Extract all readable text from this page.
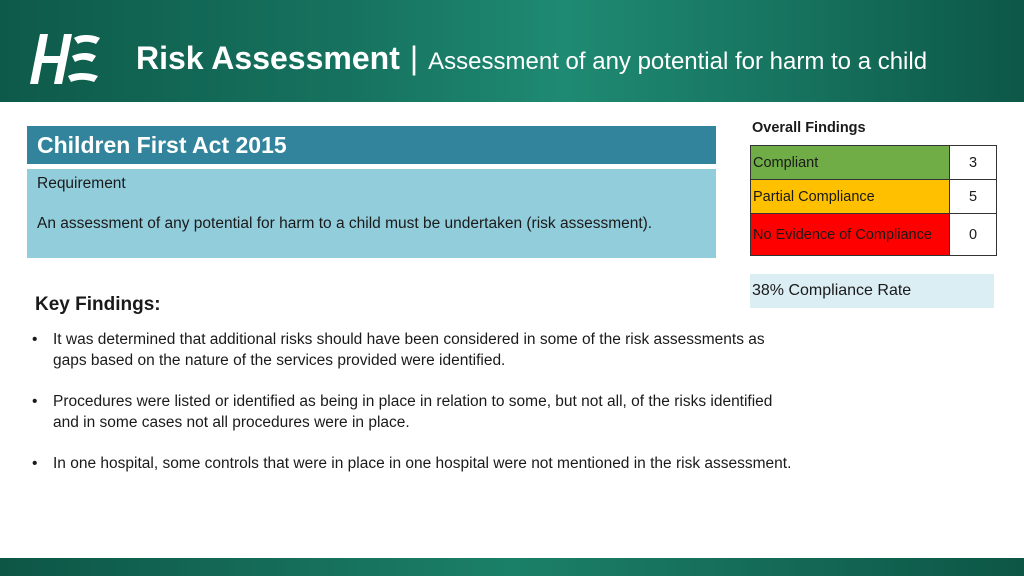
Risk Assessment | Assessment of any potential for harm to a child
Children First Act 2015
Requirement
An assessment of any potential for harm to a child must be undertaken (risk assessment).
Key Findings:
• It was determined that additional risks should have been considered in some of the risk assessments as gaps based on the nature of the services provided were identified.
• Procedures were listed or identified as being in place in relation to some, but not all, of the risks identified and in some cases not all procedures were in place.
• In one hospital, some controls that were in place in one hospital were not mentioned in the risk assessment.
Overall Findings
Compliant	3
Partial Compliance	5
No Evidence of Compliance	0
38% Compliance Rate
